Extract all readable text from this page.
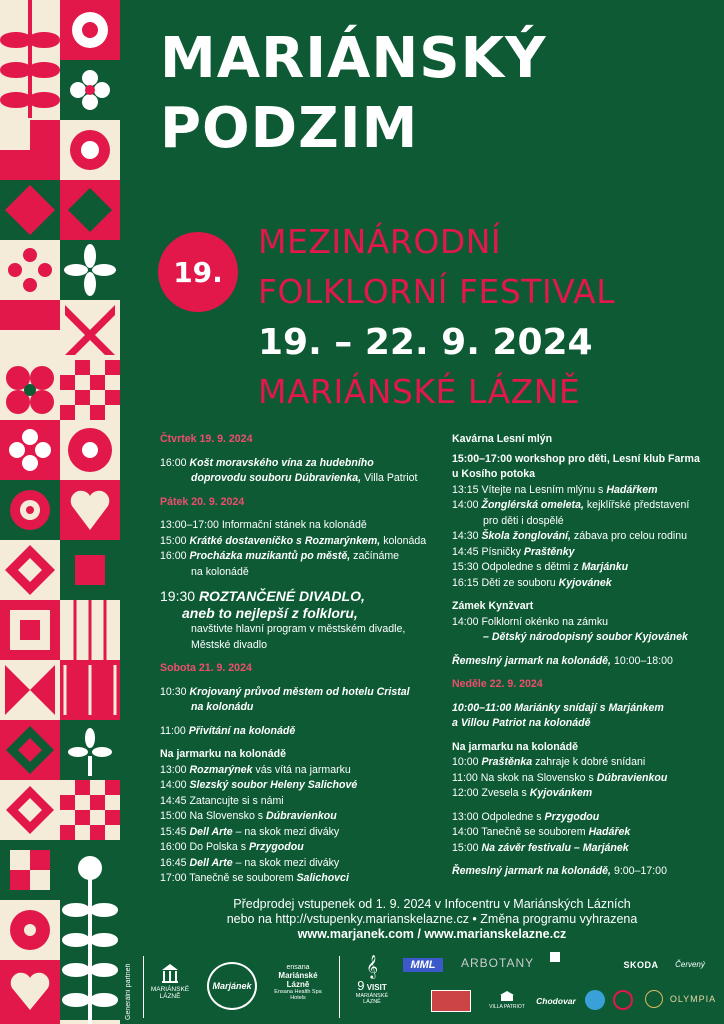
MARIÁNSKÝ
PODZIM
19.
MEZINÁRODNÍ
FOLKLORNÍ FESTIVAL
19. – 22. 9. 2024
MARIÁNSKÉ LÁZNĚ
Čtvrtek 19. 9. 2024
16:00 Košt moravského vína za hudebního
doprovodu souboru Dúbravienka, Villa Patriot
Pátek 20. 9. 2024
13:00–17:00 Informační stánek na kolonádě
15:00 Krátké dostaveníčko s Rozmarýnkem, kolonáda
16:00 Procházka muzikantů po městě, začínáme
na kolonádě
19:30 ROZTANČENÉ DIVADLO,
aneb to nejlepší z folkloru,
navštivte hlavní program v městském divadle,
Městské divadlo
Sobota 21. 9. 2024
10:30 Krojovaný průvod městem od hotelu Cristal
na kolonádu
11:00 Přivítání na kolonádě
Na jarmarku na kolonádě
13:00 Rozmarýnek vás vítá na jarmarku
14:00 Slezský soubor Heleny Salichové
14:45 Zatancujte si s námi
15:00 Na Slovensko s Dúbravienkou
15:45 Dell Arte – na skok mezi diváky
16:00 Do Polska s Przygodou
16:45 Dell Arte – na skok mezi diváky
17:00 Tanečně se souborem Salichovci
Kavárna Lesní mlýn
15:00–17:00 workshop pro děti, Lesní klub Farma
u Kosího potoka
13:15 Vítejte na Lesním mlýnu s Hadářkem
14:00 Žonglérská omeleta, kejklířské představení
pro děti i dospělé
14:30 Škola žonglování, zábava pro celou rodinu
14:45 Písničky Praštěnky
15:30 Odpoledne s dětmi z Marjánku
16:15 Děti ze souboru Kyjovánek
Zámek Kynžvart
14:00 Folklorní okénko na zámku
– Dětský národopisný soubor Kyjovánek
Řemeslný jarmark na kolonádě, 10:00–18:00
Neděle 22. 9. 2024
10:00–11:00 Mariánky snídají s Marjánkem
a Villou Patriot na kolonádě
Na jarmarku na kolonádě
10:00 Praštěnka zahraje k dobré snídani
11:00 Na skok na Slovensko s Dúbravienkou
12:00 Zvesela s Kyjovánkem
13:00 Odpoledne s Przygodou
14:00 Tanečně se souborem Hadářek
15:00 Na závěr festivalu – Marjánek
Řemeslný jarmark na kolonádě, 9:00–17:00
Předprodej vstupenek od 1. 9. 2024 v Infocentru v Mariánských Lázních
nebo na http://vstupenky.marianskelazne.cz • Změna programu vyhrazena
www.marjanek.com / www.marianskelazne.cz
Generální partneři	MARIÁNSKÉ LÁZNĚ
Marjánek
ensana
Mariánské Lázně
Ensana Health Spa Hotels
𝄞
9 VISIT
MARIÁNSKÉ LÁZNĚ
MML	ARBOTANY
VILLA PATRIOT
Chodovar
SKODA	Červený
OLYMPIA
